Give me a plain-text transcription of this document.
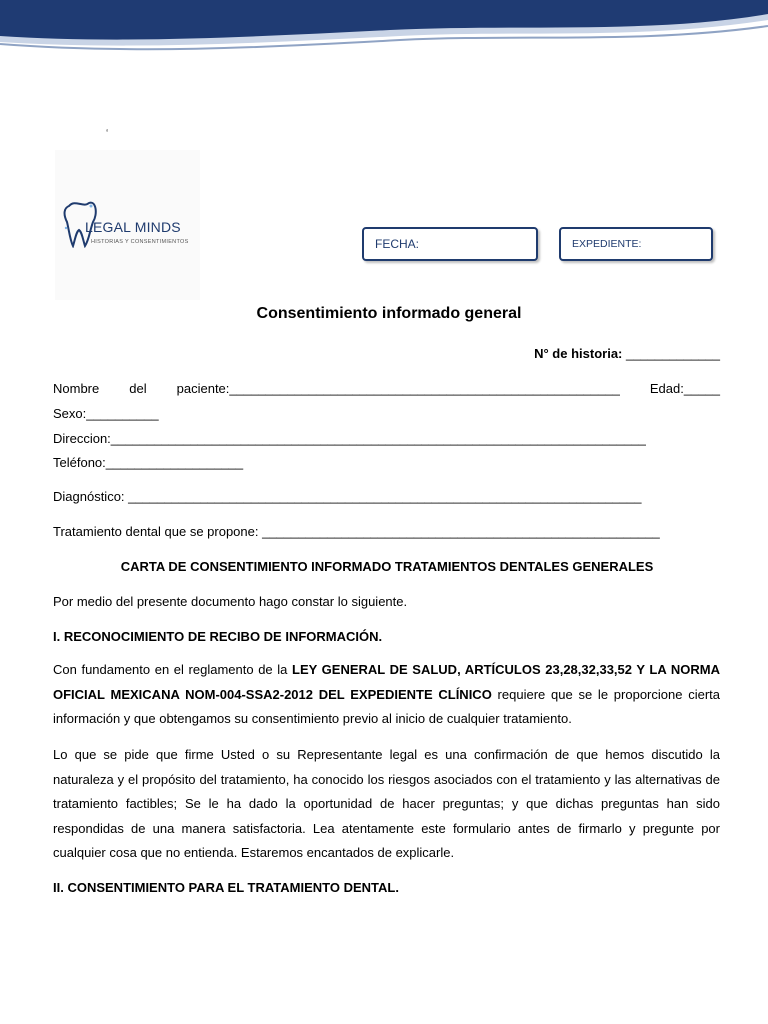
‘
LEGAL MINDS
HISTORIAS Y CONSENTIMIENTOS	FECHA:	EXPEDIENTE:
Consentimiento informado general
N° de historia: _____________
Nombre del paciente:______________________________________________________ Edad:_____
Sexo:__________
Direccion:__________________________________________________________________________
Teléfono:___________________
Diagnóstico: _______________________________________________________________________
Tratamiento dental que se propone: _______________________________________________________
CARTA DE CONSENTIMIENTO INFORMADO TRATAMIENTOS DENTALES GENERALES
Por medio del presente documento hago constar lo siguiente.
I. RECONOCIMIENTO DE RECIBO DE INFORMACIÓN.
Con fundamento en el reglamento de la LEY GENERAL DE SALUD, ARTÍCULOS 23,28,32,33,52 Y LA NORMA OFICIAL MEXICANA NOM-004-SSA2-2012 DEL EXPEDIENTE CLÍNICO requiere que se le proporcione cierta información y que obtengamos su consentimiento previo al inicio de cualquier tratamiento.
Lo que se pide que firme Usted o su Representante legal es una confirmación de que hemos discutido la naturaleza y el propósito del tratamiento, ha conocido los riesgos asociados con el tratamiento y las alternativas de tratamiento factibles; Se le ha dado la oportunidad de hacer preguntas; y que dichas preguntas han sido respondidas de una manera satisfactoria. Lea atentamente este formulario antes de firmarlo y pregunte por cualquier cosa que no entienda. Estaremos encantados de explicarle.
II. CONSENTIMIENTO PARA EL TRATAMIENTO DENTAL.
